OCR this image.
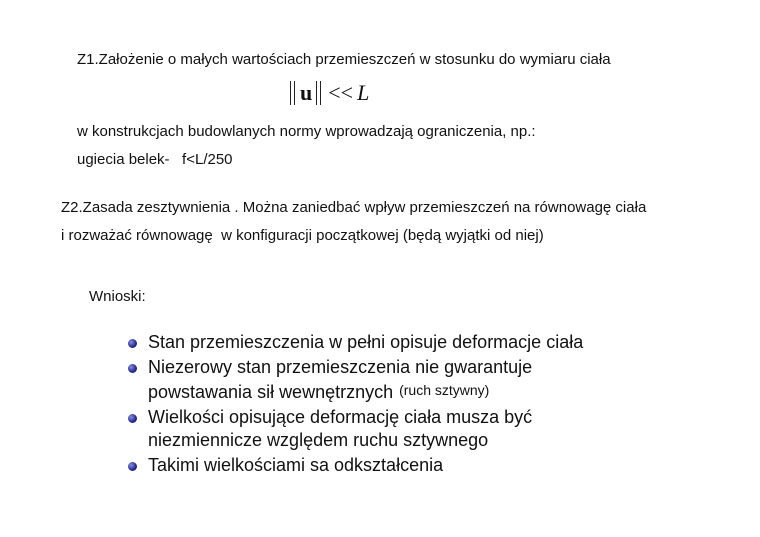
Z1.Założenie o małych wartościach przemieszczeń w stosunku do wymiaru ciała
u << L
w konstrukcjach budowlanych normy wprowadzają ograniczenia, np.:
ugiecia belek-   f<L/250
Z2.Zasada zesztywnienia . Można zaniedbać wpływ przemieszczeń na równowagę ciała
i rozważać równowagę  w konfiguracji początkowej (będą wyjątki od niej)
Wnioski:
Stan przemieszczenia w pełni opisuje deformacje ciała
Niezerowy stan przemieszczenia nie gwarantuje
powstawania sił wewnętrznych (ruch sztywny)
Wielkości opisujące deformację ciała musza być
niezmiennicze względem ruchu sztywnego
Takimi wielkościami sa odkształcenia
